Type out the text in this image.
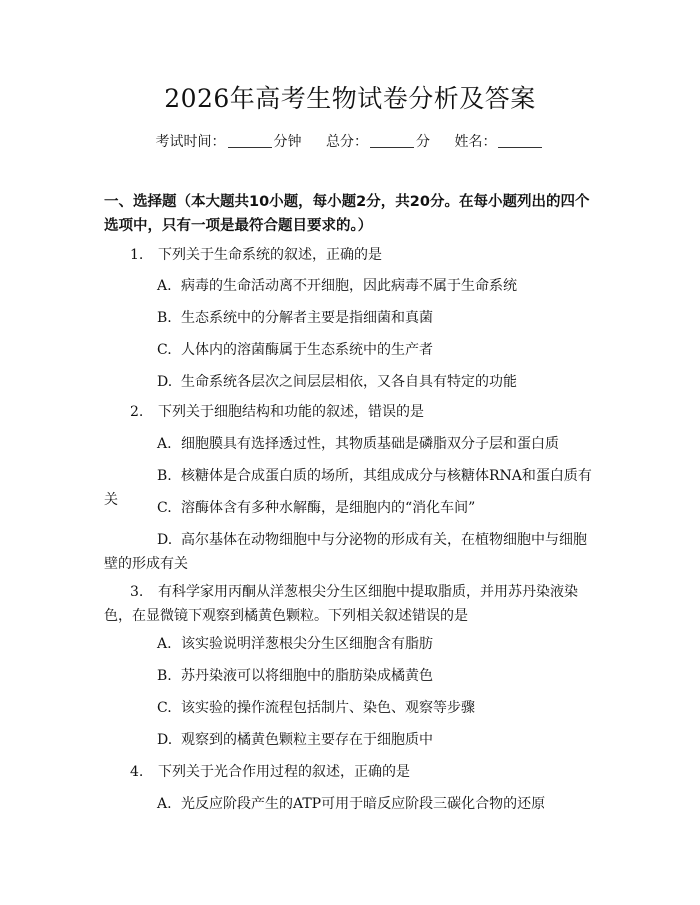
2026年高考生物试卷分析及答案
考试时间：	分钟 总分：	分 姓名：
一、选择题（本大题共10小题，每小题2分，共20分。在每小题列出的四个选项中，只有一项是最符合题目要求的。）
1. 下列关于生命系统的叙述，正确的是
A. 病毒的生命活动离不开细胞，因此病毒不属于生命系统
B. 生态系统中的分解者主要是指细菌和真菌
C. 人体内的溶菌酶属于生态系统中的生产者
D. 生命系统各层次之间层层相依，又各自具有特定的功能
2. 下列关于细胞结构和功能的叙述，错误的是
A. 细胞膜具有选择透过性，其物质基础是磷脂双分子层和蛋白质
B. 核糖体是合成蛋白质的场所，其组成成分与核糖体RNA和蛋白质有关	C. 溶酶体含有多种水解酶，是细胞内的“消化车间”
D. 高尔基体在动物细胞中与分泌物的形成有关，在植物细胞中与细胞壁的形成有关
3. 有科学家用丙酮从洋葱根尖分生区细胞中提取脂质，并用苏丹染液染色，在显微镜下观察到橘黄色颗粒。下列相关叙述错误的是
A. 该实验说明洋葱根尖分生区细胞含有脂肪
B. 苏丹染液可以将细胞中的脂肪染成橘黄色
C. 该实验的操作流程包括制片、染色、观察等步骤
D. 观察到的橘黄色颗粒主要存在于细胞质中
4. 下列关于光合作用过程的叙述，正确的是
A. 光反应阶段产生的ATP可用于暗反应阶段三碳化合物的还原
